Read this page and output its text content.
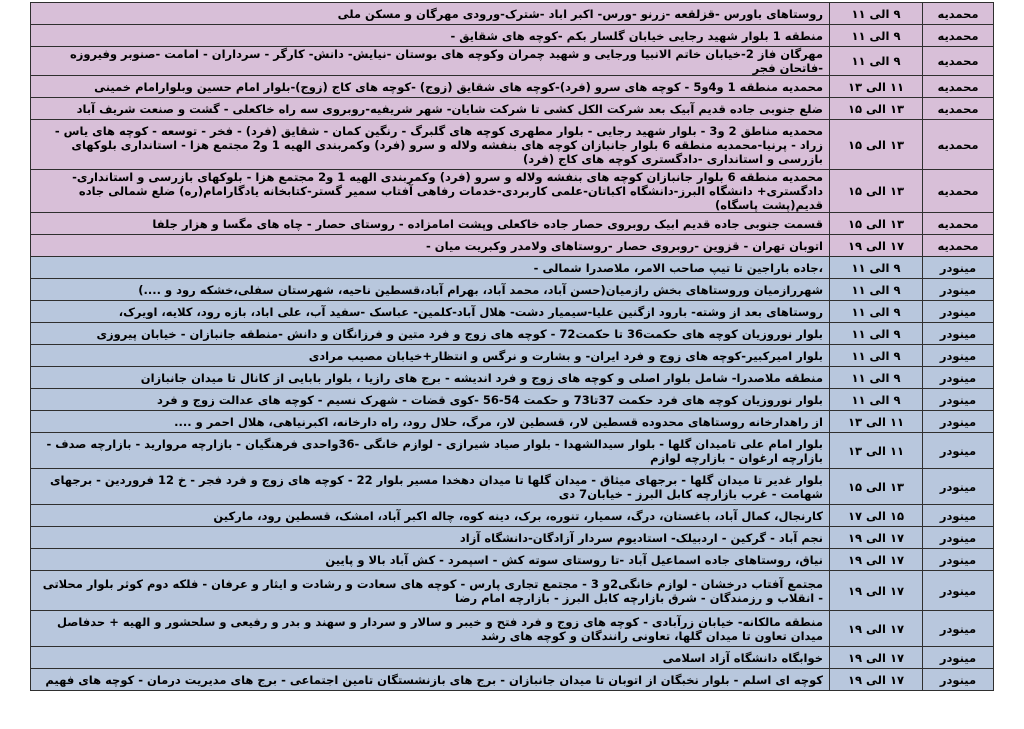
محمدیه	۹ الی ۱۱	روستاهای باورس -قزلقعه -زرنو -ورس- اکبر اباد -شترک-ورودی مهرگان و مسکن ملی
محمدیه	۹ الی ۱۱	منطقه 1 بلوار شهید رجایی خیابان گلسار بکم -کوچه های شقایق -
محمدیه	۹ الی ۱۱	مهرگان فاز 2-خیابان خاتم الانبیا ورجایی و شهید چمران وکوچه های بوستان -نیایش- دانش- کارگر - سرداران - امامت -صنوبر وفیروزه -فاتحان فجر
محمدیه	۱۱ الی ۱۳	محمدیه منطقه 1 و4و5 - کوچه های سرو (فرد)-کوچه های شقایق (زوج) -کوچه های کاج (زوج)-بلوار امام حسین وبلوارامام خمینی
محمدیه	۱۳ الی ۱۵	ضلع جنوبی جاده قدیم آبیک بعد شرکت الکل کشی تا شرکت شایان- شهر شریفیه-روبروی سه راه خاکعلی - گشت و صنعت شریف آباد
محمدیه	۱۳ الی ۱۵	محمدیه مناطق 2 و3 - بلوار شهید رجایی - بلوار مطهری کوچه های گلبرگ - رنگین کمان - شقایق (فرد) - فخر - توسعه - کوچه های یاس - زراد - پرنیا-محمدیه منطقه 6 بلوار جانبازان کوچه های بنفشه ولاله و سرو (فرد) وکمربندی الهیه 1 و2 مجتمع هزا - استانداری بلوکهای بازرسی و استانداری -دادگستری کوچه های کاج (فرد)
محمدیه	۱۳ الی ۱۵	محمدیه منطقه 6 بلوار جانبازان کوچه های بنفشه ولاله و سرو (فرد) وکمربندی الهیه 1 و2 مجتمع هزا - بلوکهای بازرسی و استانداری-دادگستری+ دانشگاه البرز-دانشگاه اکباتان-علمی کاربردی-خدمات رفاهی آفتاب سمیر گستر-کتابخانه یادگارامام(ره) ضلع شمالی جاده قدیم(پشت پاسگاه)
محمدیه	۱۳ الی ۱۵	قسمت جنوبی جاده قدیم ابیک روبروی حصار جاده خاکعلی وپشت امامزاده - روستای حصار - چاه های مگسا و هزار جلفا
محمدیه	۱۷ الی ۱۹	اتوبان تهران - قزوین -روبروی حصار -روستاهای ولامدر وکبریت میان -
مینودر	۹ الی ۱۱	،جاده باراجین تا تیپ صاحب الامر، ملاصدرا شمالی -
مینودر	۹ الی ۱۱	شهررازمیان وروستاهای بخش رازمیان(حسن آباد، محمد آباد، بهرام آباد،قسطین ناحیه، شهرستان سفلی،خشکه رود و ....)
مینودر	۹ الی ۱۱	روستاهای بعد از وشته- بارود ازگنین علیا-سیمیار دشت- هلال آباد-کلمین- عباسک -سفید آب، علی اباد، بازه رود، کلایه، اویرک،
مینودر	۹ الی ۱۱	بلوار نوروزیان کوچه های حکمت36 تا حکمت72 - کوچه های زوج و فرد متین و فرزانگان و دانش -منطقه جانبازان - خیابان پیروزی
مینودر	۹ الی ۱۱	بلوار امیرکبیر-کوچه های زوج و فرد ایران- و بشارت و نرگس و انتظار+خیابان مصیب مرادی
مینودر	۹ الی ۱۱	منطقه ملاصدرا- شامل بلوار اصلی و کوچه های زوج و فرد اندیشه - برج های رازیا ، بلوار بابایی از کانال تا میدان جانبازان
مینودر	۹ الی ۱۱	بلوار نوروزیان کوچه های فرد حکمت 37تا73 و حکمت 54-56 -کوی قضات - شهرک نسیم - کوچه های عدالت زوج و فرد
مینودر	۱۱ الی ۱۳	از راهدارخانه روستاهای محدوده قسطین لار، قسطین لار، مرگ، حلال رود، راه دارخانه، اکبرنیاهی، هلال احمر و ....
مینودر	۱۱ الی ۱۳	بلوار امام علی تامیدان گلها - بلوار سیدالشهدا - بلوار صیاد شیرازی - لوازم خانگی -36واحدی فرهنگیان - بازارچه مروارید - بازارچه صدف - بازارچه ارغوان - بازارچه لوازم
مینودر	۱۳ الی ۱۵	بلوار غدیر تا میدان گلها - برجهای میثاق - میدان گلها تا میدان دهخدا مسیر بلوار 22 - کوچه های زوج و فرد فجر - خ 12 فروردین - برجهای شهامت - غرب بازارچه کابل البرز - خیابان7 دی
مینودر	۱۵ الی ۱۷	کارنجال، کمال آباد، باغستان، درگ، سمیار، تنوره، برک، دینه کوه، چاله اکبر آباد، امشک، قسطین رود، مارکین
مینودر	۱۷ الی ۱۹	نجم آباد - گرکین - اردبیلک- استادیوم سردار آزادگان-دانشگاه آزاد
مینودر	۱۷ الی ۱۹	نیاق، روستاهای جاده اسماعیل آباد -تا روستای سوته کش - اسپمرد - کش آباد بالا و پایین
مینودر	۱۷ الی ۱۹	مجتمع آفتاب درخشان - لوازم خانگی2و 3 - مجتمع تجاری پارس - کوچه های سعادت و رشادت و ایثار و عرفان - فلکه دوم کوثر بلوار محلاتی - انقلاب و رزمندگان - شرق بازارچه کابل البرز - بازارچه امام رضا
مینودر	۱۷ الی ۱۹	منطقه مالکانه- خیابان زرآبادی - کوچه های زوج و فرد فتح و خیبر و سالار و سردار و سهند و بدر و رفیعی و سلحشور و الهیه + حدفاصل میدان تعاون تا میدان گلها، تعاونی رانندگان و کوچه های رشد
مینودر	۱۷ الی ۱۹	خوابگاه دانشگاه آزاد اسلامی
مینودر	۱۷ الی ۱۹	کوچه ای اسلم - بلوار نخبگان از اتوبان تا میدان جانبازان - برج های بازنشستگان تامین اجتماعی - برج های مدیریت درمان - کوچه های فهیم
